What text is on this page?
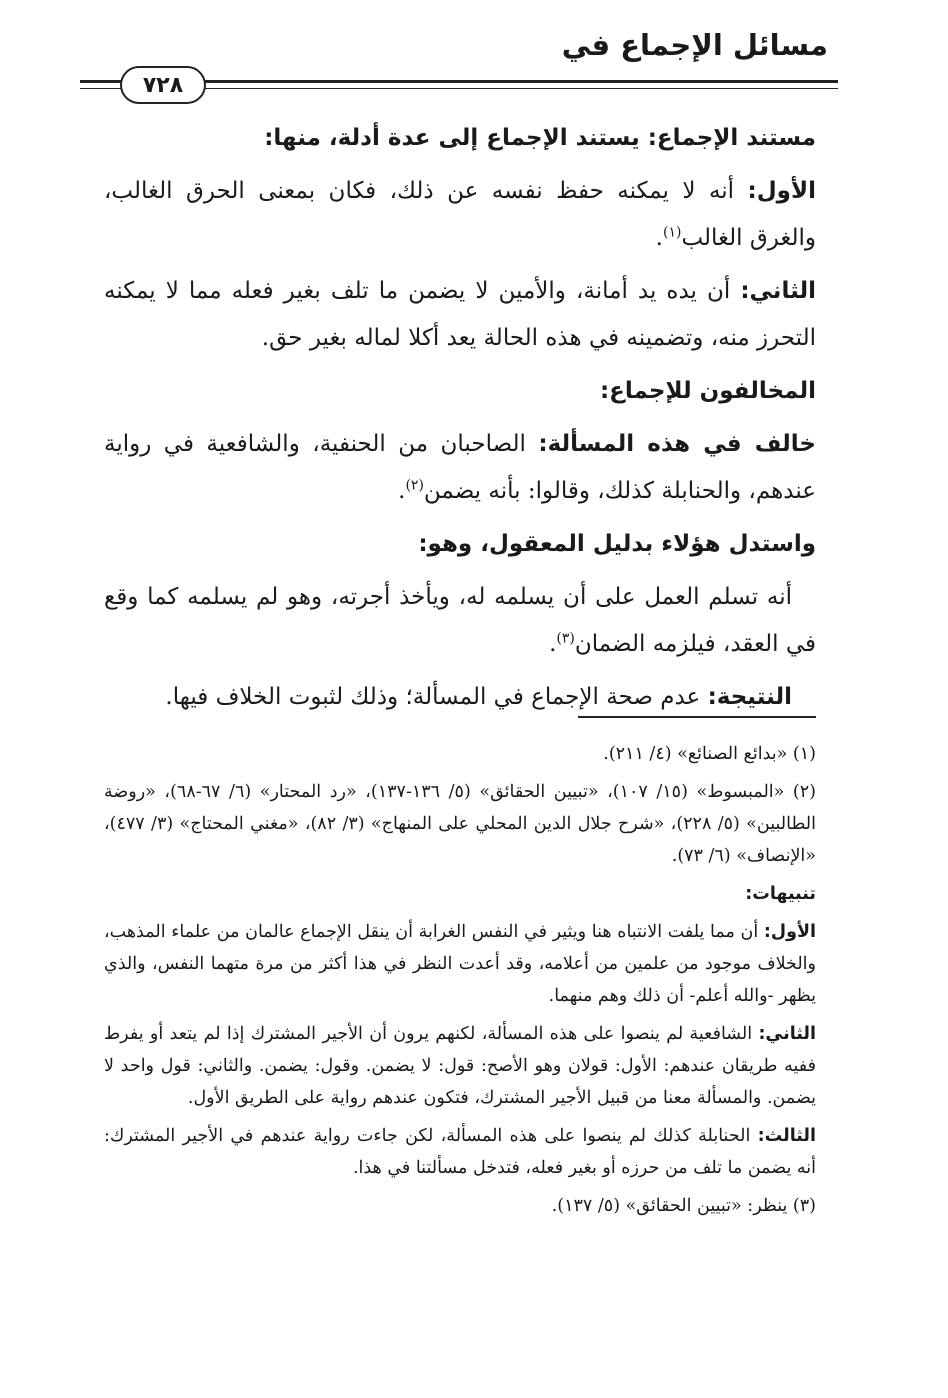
مسائل الإجماع في
٧٢٨

مستند الإجماع: يستند الإجماع إلى عدة أدلة، منها:

الأول: أنه لا يمكنه حفظ نفسه عن ذلك، فكان بمعنى الحرق الغالب، والغرق الغالب$^{(١)}$.

الثاني: أن يده يد أمانة، والأمين لا يضمن ما تلف بغير فعله مما لا يمكنه التحرز منه، وتضمينه في هذه الحالة يعد أكلا لماله بغير حق.

المخالفون للإجماع:

خالف في هذه المسألة: الصاحبان من الحنفية، والشافعية في رواية عندهم، والحنابلة كذلك، وقالوا: بأنه يضمن$^{(٢)}$.

واستدل هؤلاء بدليل المعقول، وهو:

أنه تسلم العمل على أن يسلمه له، ويأخذ أجرته، وهو لم يسلمه كما وقع في العقد، فيلزمه الضمان$^{(٣)}$.

النتيجة: عدم صحة الإجماع في المسألة؛ وذلك لثبوت الخلاف فيها.

(١) «بدائع الصنائع» (٤/ ٢١١).

(٢) «المبسوط» (١٥/ ١٠٧)، «تبيين الحقائق» (٥/ ١٣٦-١٣٧)، «رد المحتار» (٦/ ٦٧-٦٨)، «روضة الطالبين» (٥/ ٢٢٨)، «شرح جلال الدين المحلي على المنهاج» (٣/ ٨٢)، «مغني المحتاج» (٣/ ٤٧٧)، «الإنصاف» (٦/ ٧٣).

تنبيهات:

الأول: أن مما يلفت الانتباه هنا ويثير في النفس الغرابة أن ينقل الإجماع عالمان من علماء المذهب، والخلاف موجود من علمين من أعلامه، وقد أعدت النظر في هذا أكثر من مرة متهما النفس، والذي يظهر -والله أعلم- أن ذلك وهم منهما.

الثاني: الشافعية لم ينصوا على هذه المسألة، لكنهم يرون أن الأجير المشترك إذا لم يتعد أو يفرط ففيه طريقان عندهم: الأول: قولان وهو الأصح: قول: لا يضمن. وقول: يضمن. والثاني: قول واحد لا يضمن. والمسألة معنا من قبيل الأجير المشترك، فتكون عندهم رواية على الطريق الأول.

الثالث: الحنابلة كذلك لم ينصوا على هذه المسألة، لكن جاءت رواية عندهم في الأجير المشترك: أنه يضمن ما تلف من حرزه أو بغير فعله، فتدخل مسألتنا في هذا.

(٣) ينظر: «تبيين الحقائق» (٥/ ١٣٧).
